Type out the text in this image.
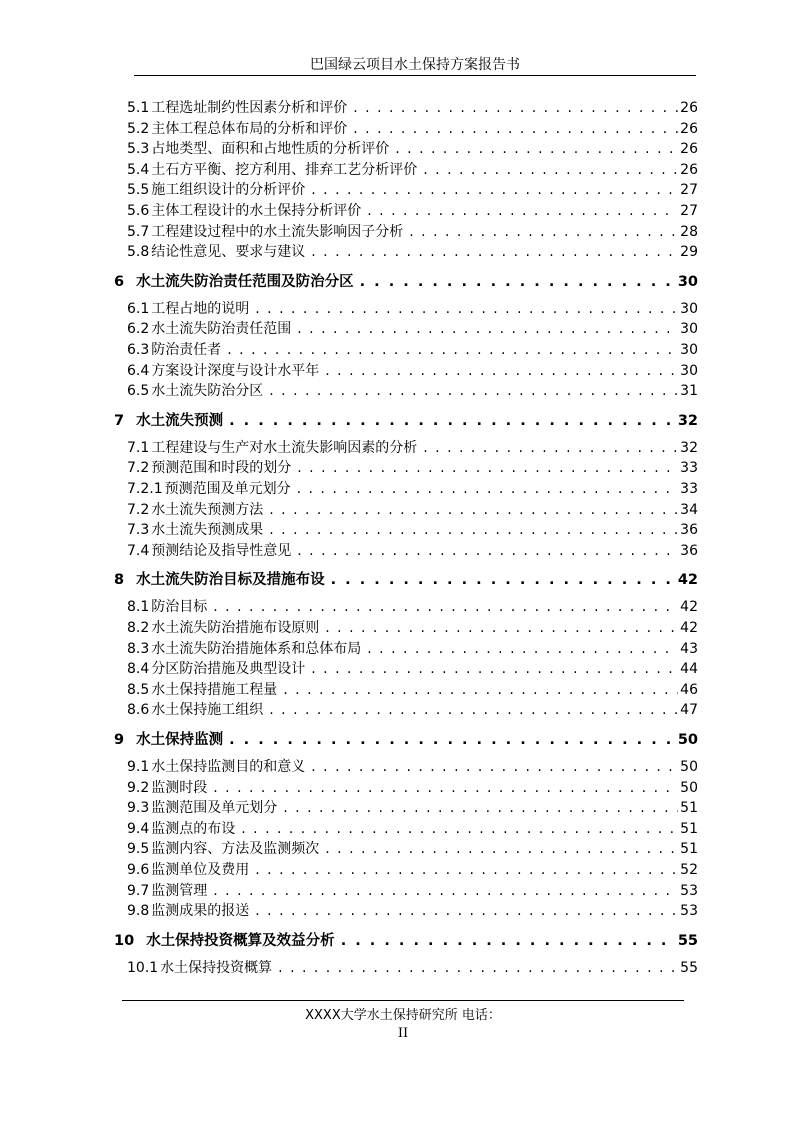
巴国绿云项目水土保持方案报告书
5.1 工程选址制约性因素分析和评价 . . .	26
5.2 主体工程总体布局的分析和评价 . . .	26
5.3 占地类型、面积和占地性质的分析评价 . . .	26
5.4 土石方平衡、挖方利用、排弃工艺分析评价 . . .	26
5.5 施工组织设计的分析评价 . . .	27
5.6 主体工程设计的水土保持分析评价 . . .	27
5.7 工程建设过程中的水土流失影响因子分析 . . .	28
5.8 结论性意见、要求与建议 . . .	29
6 水土流失防治责任范围及防治分区 . . .	30
6.1 工程占地的说明 . . .	30
6.2 水土流失防治责任范围 . . .	30
6.3 防治责任者 . . .	30
6.4 方案设计深度与设计水平年 . . .	30
6.5 水土流失防治分区 . . .	31
7 水土流失预测 . . .	32
7.1 工程建设与生产对水土流失影响因素的分析 . . .	32
7.2 预测范围和时段的划分 . . .	33
7.2.1 预测范围及单元划分 . . .	33
7.2 水土流失预测方法 . . .	34
7.3 水土流失预测成果 . . .	36
7.4 预测结论及指导性意见 . . .	36
8 水土流失防治目标及措施布设 . . .	42
8.1 防治目标 . . .	42
8.2 水土流失防治措施布设原则 . . .	42
8.3 水土流失防治措施体系和总体布局 . . .	43
8.4 分区防治措施及典型设计 . . .	44
8.5 水土保持措施工程量 . . .	46
8.6 水土保持施工组织 . . .	47
9 水土保持监测 . . .	50
9.1 水土保持监测目的和意义 . . .	50
9.2 监测时段 . . .	50
9.3 监测范围及单元划分 . . .	51
9.4 监测点的布设 . . .	51
9.5 监测内容、方法及监测频次 . . .	51
9.6 监测单位及费用 . . .	52
9.7 监测管理 . . .	53
9.8 监测成果的报送 . . .	53
10 水土保持投资概算及效益分析 . . .	55
10.1 水土保持投资概算 . . .	55
XXXX大学水土保持研究所 电话：
II
